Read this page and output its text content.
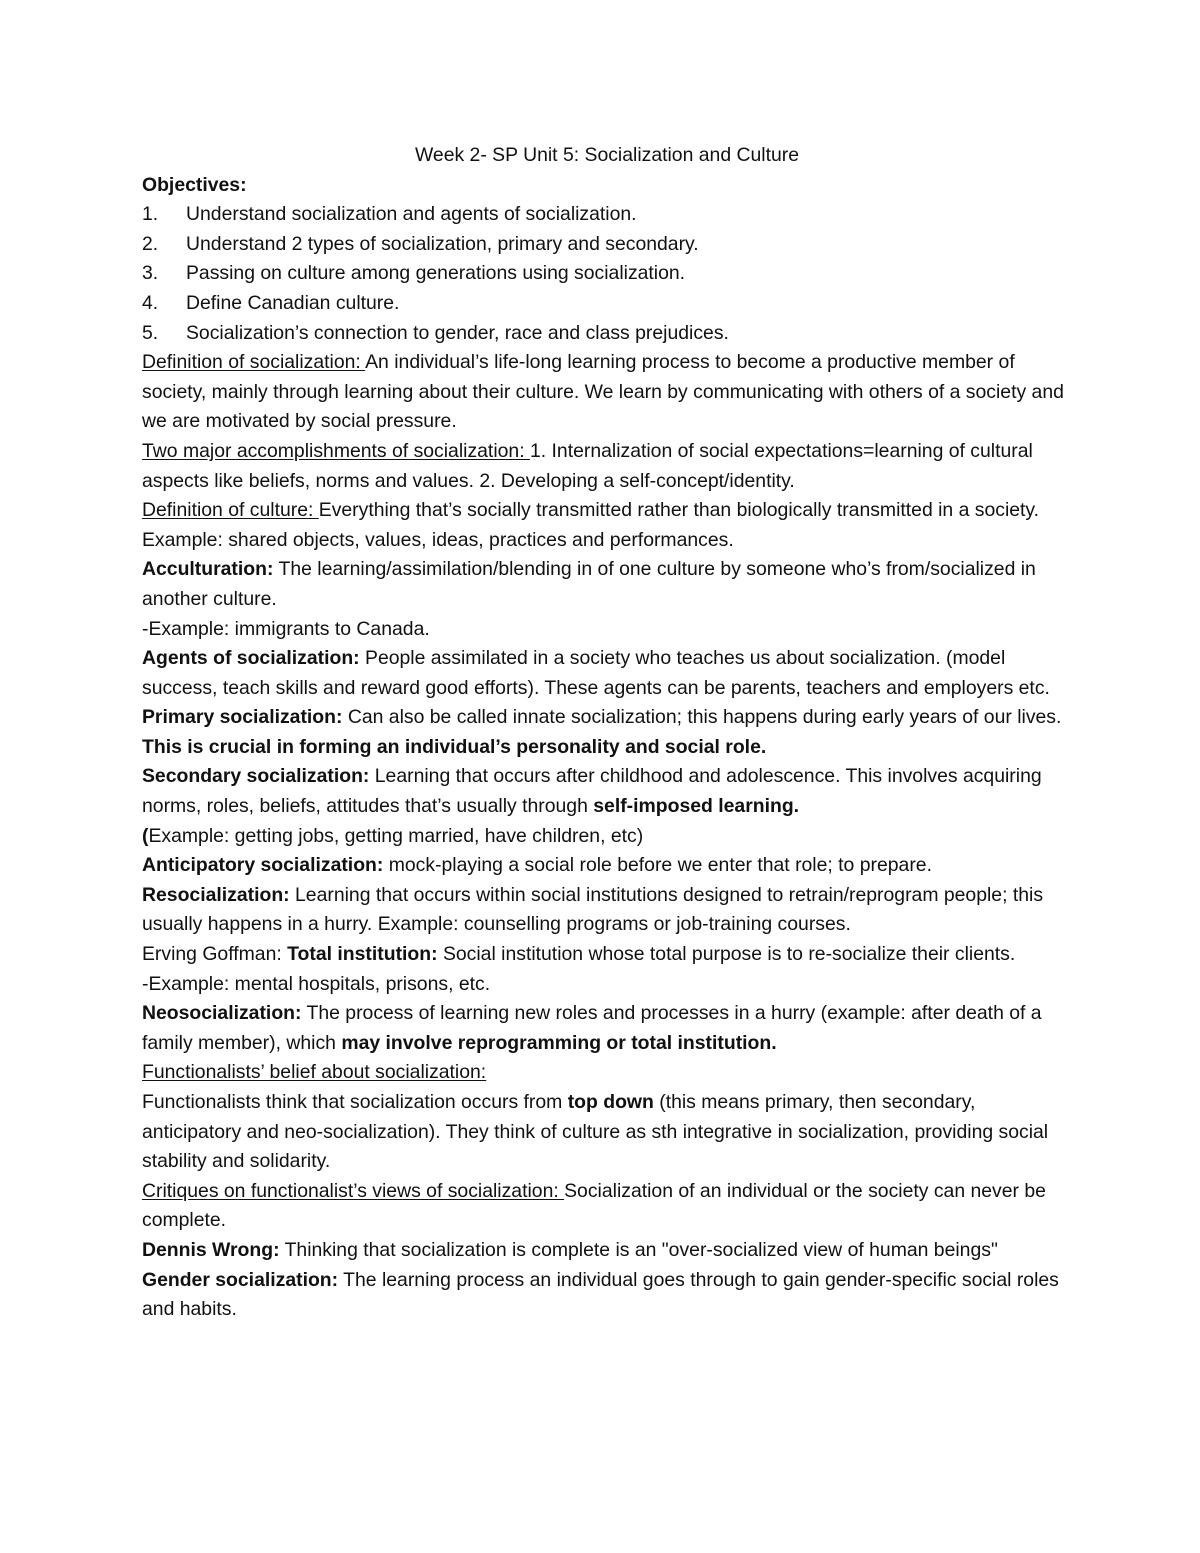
Week 2- SP Unit 5: Socialization and Culture

Objectives:

1.	Understand socialization and agents of socialization.
2.	Understand 2 types of socialization, primary and secondary.
3.	Passing on culture among generations using socialization.
4.	Define Canadian culture.
5.	Socialization’s connection to gender, race and class prejudices.

Definition of socialization: An individual’s life-long learning process to become a productive member of society, mainly through learning about their culture. We learn by communicating with others of a society and we are motivated by social pressure.

Two major accomplishments of socialization: 1. Internalization of social expectations=learning of cultural aspects like beliefs, norms and values. 2. Developing a self-concept/identity.

Definition of culture: Everything that’s socially transmitted rather than biologically transmitted in a society. Example: shared objects, values, ideas, practices and performances.

Acculturation: The learning/assimilation/blending in of one culture by someone who’s from/socialized in another culture.

-Example: immigrants to Canada.

Agents of socialization: People assimilated in a society who teaches us about socialization. (model success, teach skills and reward good efforts). These agents can be parents, teachers and employers etc.

Primary socialization: Can also be called innate socialization; this happens during early years of our lives. This is crucial in forming an individual’s personality and social role.

Secondary socialization: Learning that occurs after childhood and adolescence. This involves acquiring norms, roles, beliefs, attitudes that’s usually through self-imposed learning.

(Example: getting jobs, getting married, have children, etc)

Anticipatory socialization: mock-playing a social role before we enter that role; to prepare.

Resocialization: Learning that occurs within social institutions designed to retrain/reprogram people; this usually happens in a hurry. Example: counselling programs or job-training courses.

Erving Goffman: Total institution: Social institution whose total purpose is to re-socialize their clients.

-Example: mental hospitals, prisons, etc.

Neosocialization: The process of learning new roles and processes in a hurry (example: after death of a family member), which may involve reprogramming or total institution.

Functionalists’ belief about socialization:

Functionalists think that socialization occurs from top down (this means primary, then secondary, anticipatory and neo-socialization). They think of culture as sth integrative in socialization, providing social stability and solidarity.

Critiques on functionalist’s views of socialization: Socialization of an individual or the society can never be complete.

Dennis Wrong: Thinking that socialization is complete is an "over-socialized view of human beings"

Gender socialization: The learning process an individual goes through to gain gender-specific social roles and habits.
